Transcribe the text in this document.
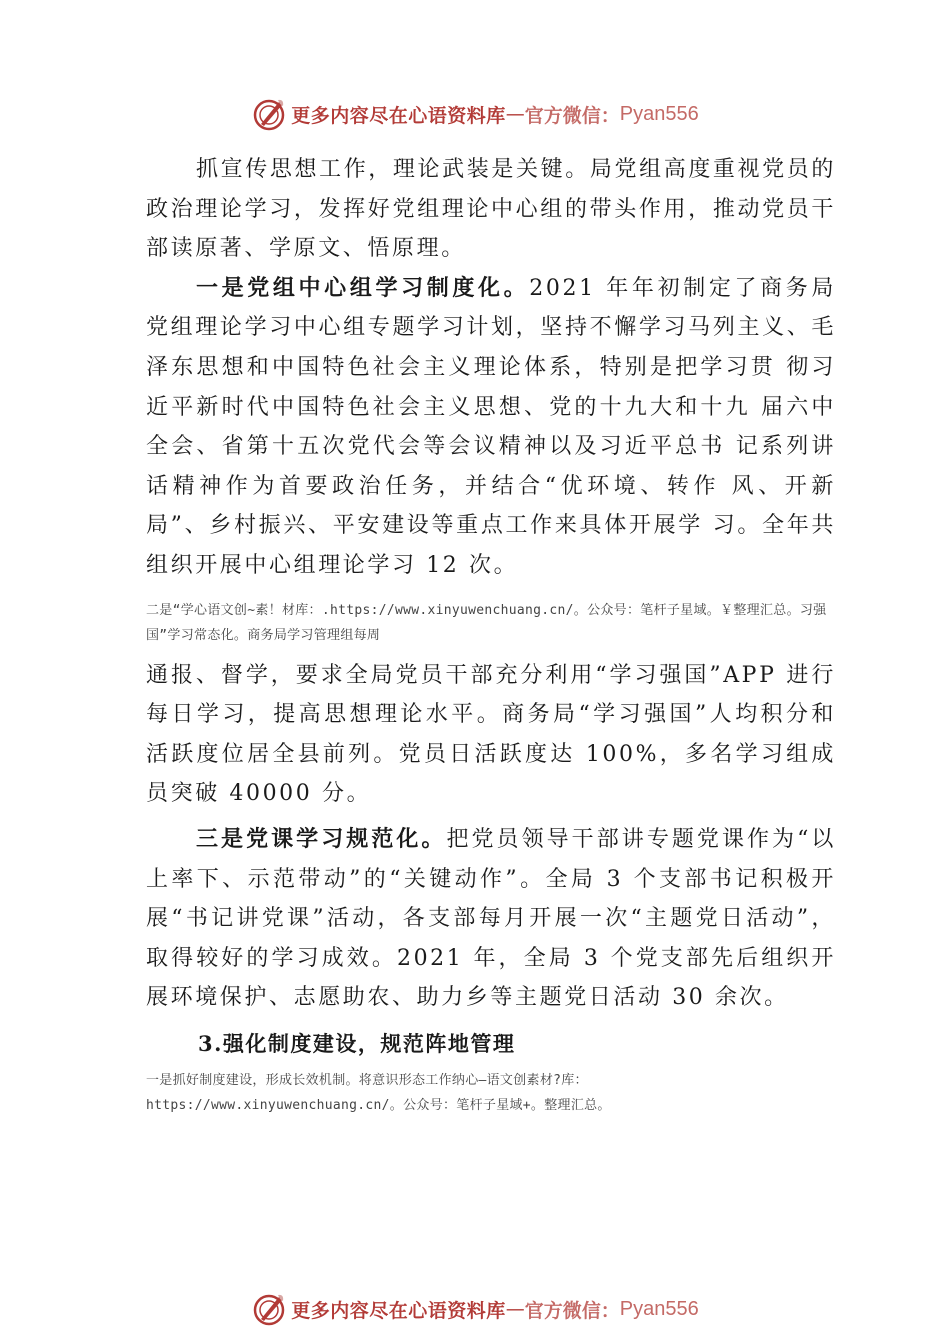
更多内容尽在心语资料库 — 官方微信： Pyan556

抓宣传思想工作，理论武装是关键。局党组高度重视党员的政治理论学习，发挥好党组理论中心组的带头作用，推动党员干部读原著、学原文、悟原理。

一是党组中心组学习制度化。2021 年年初制定了商务局党组理论学习中心组专题学习计划，坚持不懈学习马列主义、毛泽东思想和中国特色社会主义理论体系，特别是把学习贯 彻习近平新时代中国特色社会主义思想、党的十九大和十九 届六中全会、省第十五次党代会等会议精神以及习近平总书 记系列讲话精神作为首要政治任务，并结合“优环境、转作 风、开新局”、乡村振兴、平安建设等重点工作来具体开展学 习。全年共组织开展中心组理论学习 12 次。

二是“学心语文创~素！材库：.https://www.xinyuwenchuang.cn/。公众号：笔杆子星域。￥整理汇总。习强国”学习常态化。商务局学习管理组每周

通报、督学，要求全局党员干部充分利用“学习强国”APP 进行每日学习，提高思想理论水平。商务局“学习强国”人均积分和活跃度位居全县前列。党员日活跃度达 100%，多名学习组成员突破 40000 分。

三是党课学习规范化。把党员领导干部讲专题党课作为“以上率下、示范带动”的“关键动作”。全局 3 个支部书记积极开展“书记讲党课”活动，各支部每月开展一次“主题党日活动”，取得较好的学习成效。2021 年，全局 3 个党支部先后组织开展环境保护、志愿助农、助力乡等主题党日活动 30 余次。

3.强化制度建设，规范阵地管理

一是抓好制度建设，形成长效机制。将意识形态工作纳心—语文创素材?库：https://www.xinyuwenchuang.cn/。公众号：笔杆子星域+。整理汇总。

更多内容尽在心语资料库 — 官方微信： Pyan556
